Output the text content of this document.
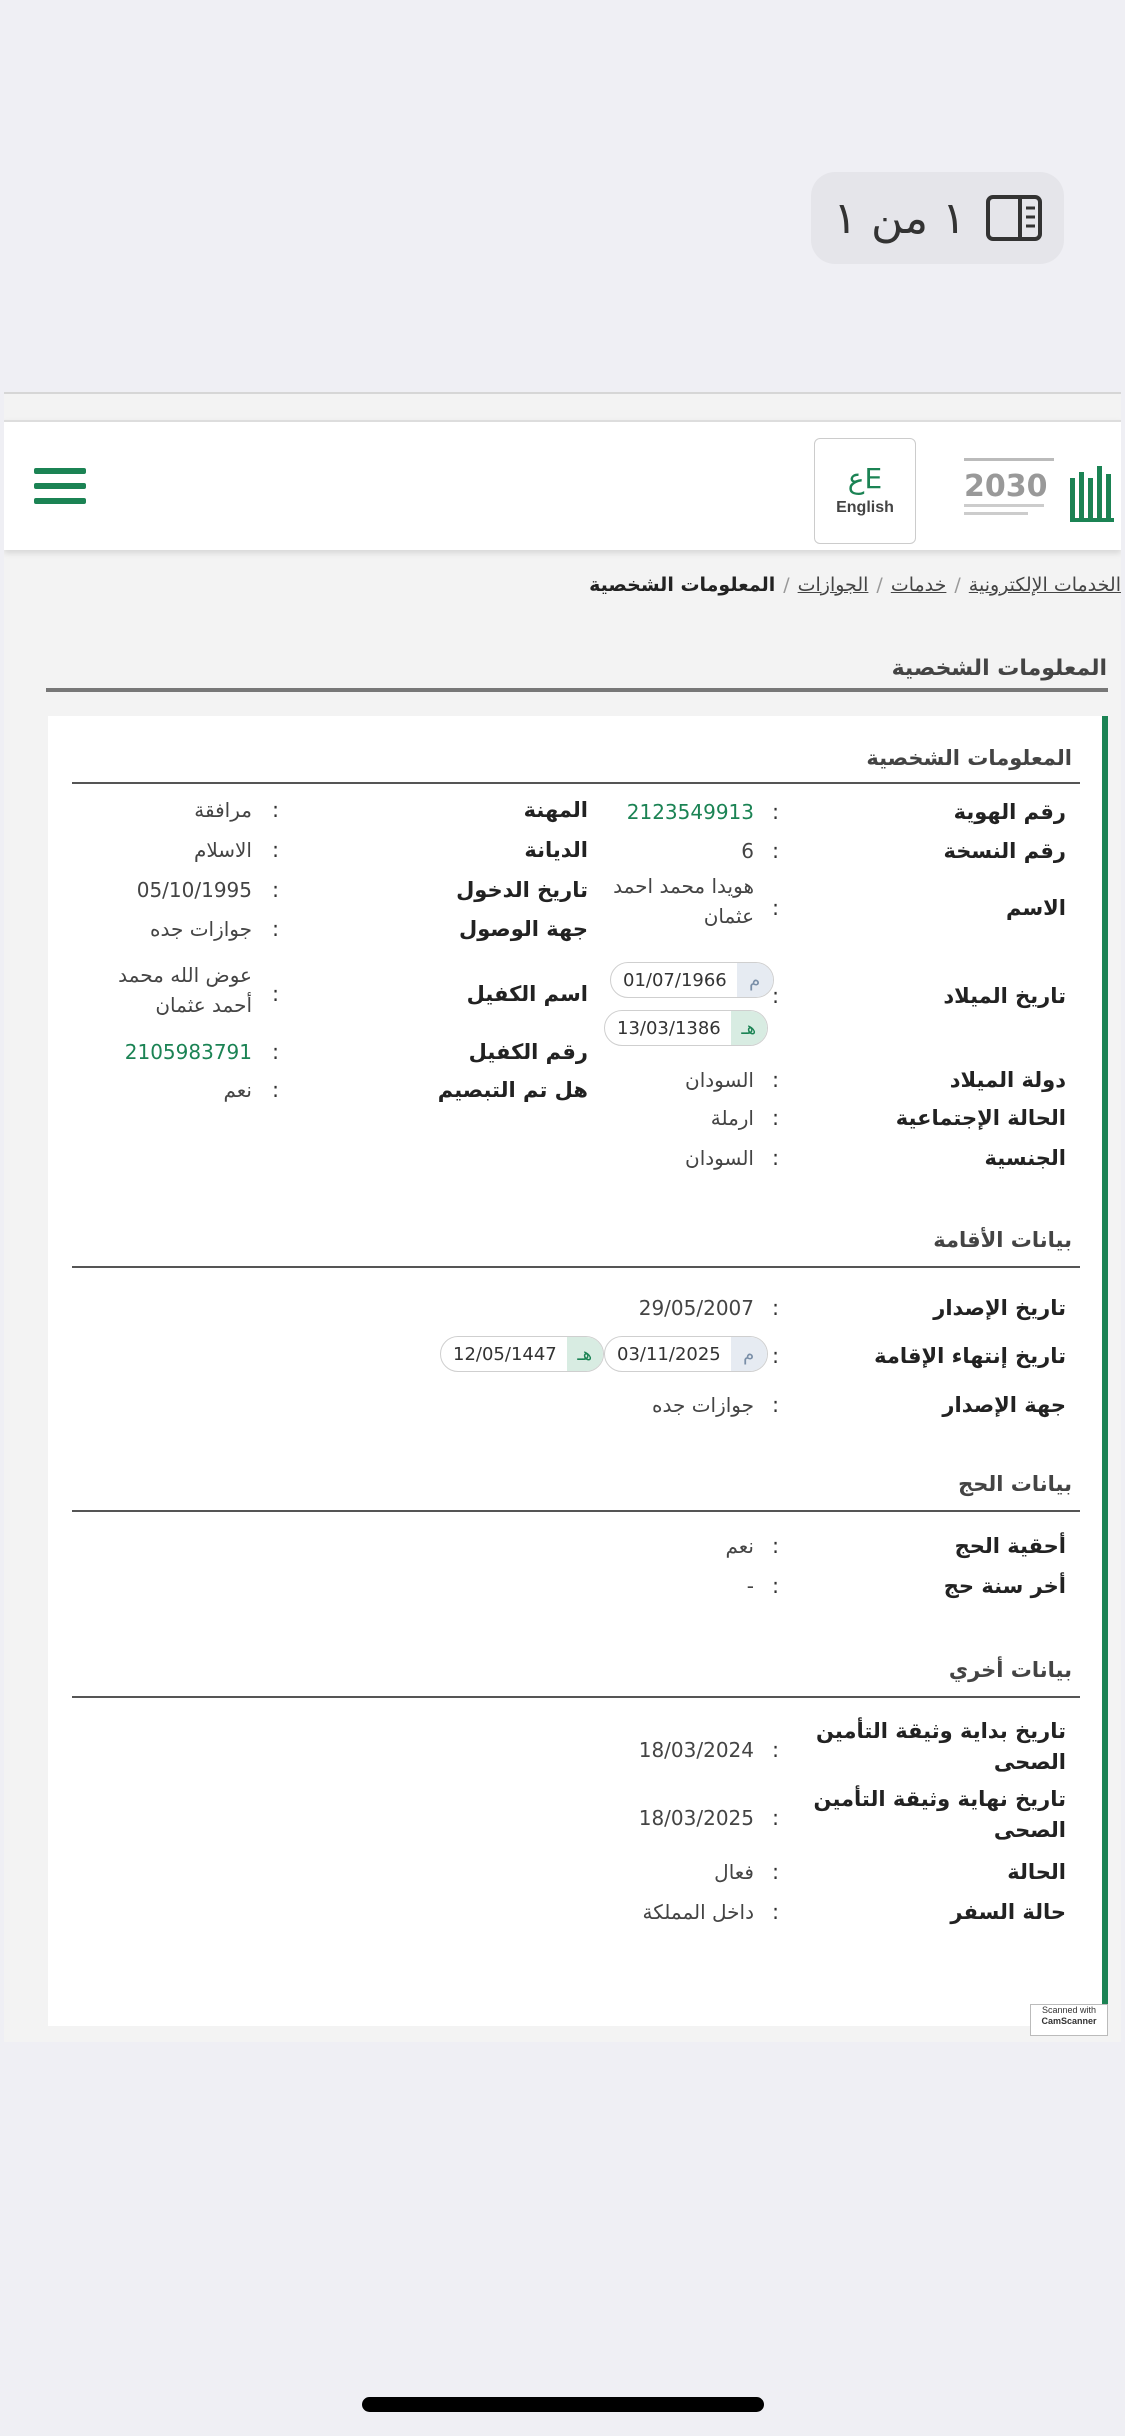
١ من ١
عE
English
2030
الخدمات الإلكترونية/خدمات/الجوازات/المعلومات الشخصية
المعلومات الشخصية
المعلومات الشخصية
رقم الهوية
:
2123549913
رقم النسخة
:
6
الاسم
:
هويدا محمد احمد عثمان
تاريخ الميلاد
:
01/07/1966	م
13/03/1386	هـ
دولة الميلاد
:
السودان
الحالة الإجتماعية
:
ارملة
الجنسية
:
السودان
المهنة
:
مرافقة
الديانة
:
الاسلام
تاريخ الدخول
:
05/10/1995
جهة الوصول
:
جوازات جده
اسم الكفيل
:
عوض الله محمد أحمد عثمان
رقم الكفيل
:
2105983791
هل تم التبصيم
:
نعم
بيانات الأقامة
تاريخ الإصدار
:
29/05/2007
تاريخ إنتهاء الإقامة
:
03/11/2025	م
12/05/1447	هـ
جهة الإصدار
:
جوازات جده
بيانات الحج
أحقية الحج
:
نعم
أخر سنة حج
:
-
بيانات أخري
تاريخ بداية وثيقة التأمين الصحى
:
18/03/2024
تاريخ نهاية وثيقة التأمين الصحى
:
18/03/2025
الحالة
:
فعال
حالة السفر
:
داخل المملكة
Scanned with
CamScanner
